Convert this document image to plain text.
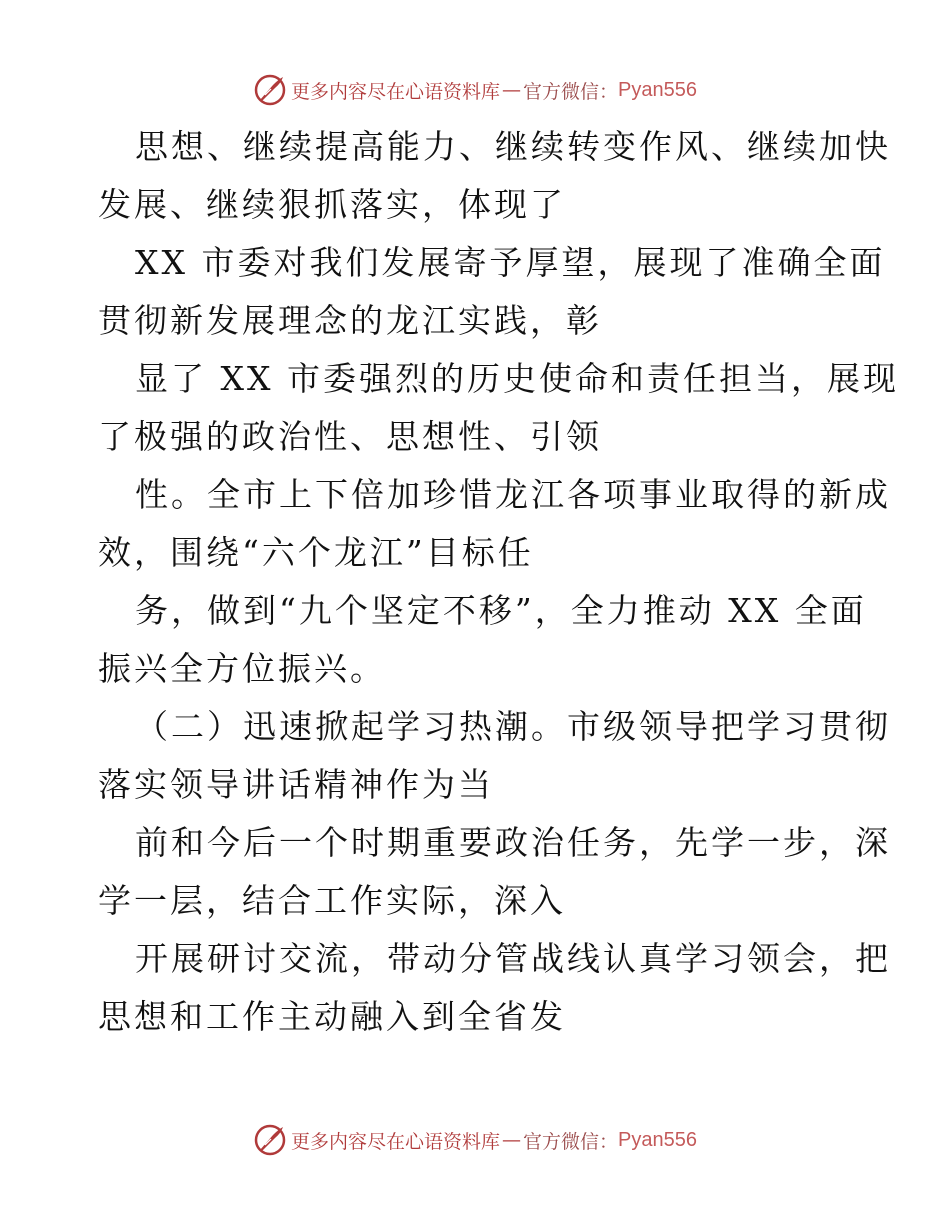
更多内容尽在心语资料库 — 官方微信： Pyan556
思想、继续提高能力、继续转变作风、继续加快
发展、继续狠抓落实，体现了
XX 市委对我们发展寄予厚望，展现了准确全面
贯彻新发展理念的龙江实践，彰
显了 XX 市委强烈的历史使命和责任担当，展现
了极强的政治性、思想性、引领
性。全市上下倍加珍惜龙江各项事业取得的新成
效，围绕“六个龙江”目标任
务，做到“九个坚定不移”，全力推动 XX 全面
振兴全方位振兴。
（二）迅速掀起学习热潮。市级领导把学习贯彻
落实领导讲话精神作为当
前和今后一个时期重要政治任务，先学一步，深
学一层，结合工作实际，深入
开展研讨交流，带动分管战线认真学习领会，把
思想和工作主动融入到全省发
更多内容尽在心语资料库 — 官方微信： Pyan556
